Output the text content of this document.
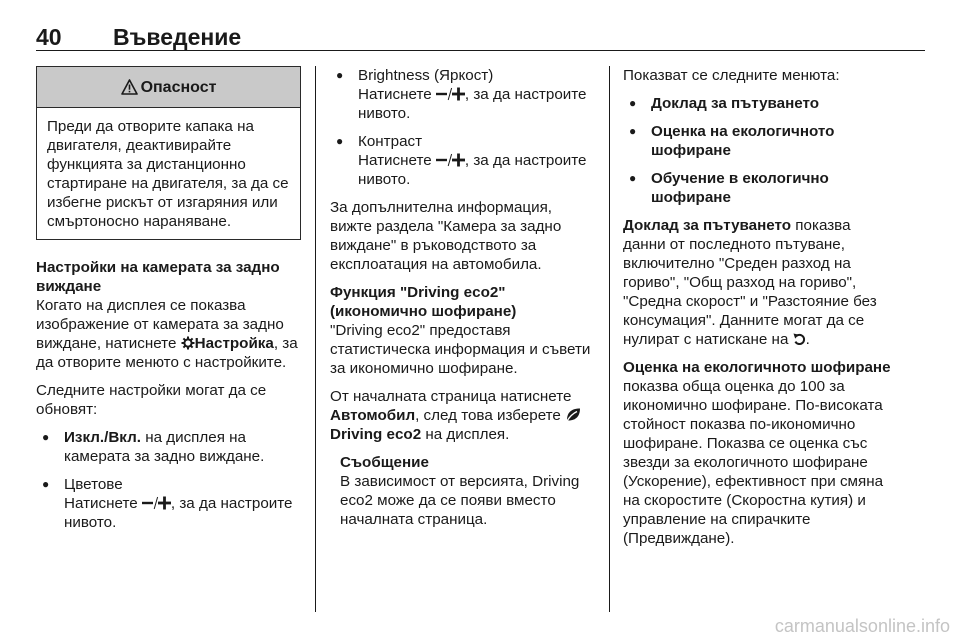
40 Въведение
Опасност
Преди да отворите капака на двигателя, деактивирайте функцията за дистанционно стартиране на двигателя, за да се избегне рискът от изгаряния или смъртоносно нараняване.

Настройки на камерата за задно виждане

Когато на дисплея се показва изображение от камерата за задно виждане, натиснете Настройка, за да отворите менюто с настройките.

Следните настройки могат да се обновят:

● Изкл./Вкл. на дисплея на камерата за задно виждане.
● Цветове
Натиснете , за да настроите нивото.
● Brightness (Яркост)
Натиснете , за да настроите нивото.
● Контраст
Натиснете , за да настроите нивото.

За допълнителна информация, вижте раздела "Камера за задно виждане" в ръководството за експлоатация на автомобила.

Функция "Driving eco2" (икономично шофиране)

"Driving eco2" предоставя статистическа информация и съвети за икономично шофиране.

От началната страница натиснете Автомобил, след това изберете Driving eco2 на дисплея.

Съобщение

В зависимост от версията, Driving eco2 може да се появи вместо началната страница.

Показват се следните менюта:

● Доклад за пътуването
● Оценка на екологичното шофиране
● Обучение в екологично шофиране

Доклад за пътуването показва данни от последното пътуване, включително "Среден разход на гориво", "Общ разход на гориво", "Средна скорост" и "Разстояние без консумация". Данните могат да се нулират с натискане на .

Оценка на екологичното шофиране показва обща оценка до 100 за икономично шофиране. По-високата стойност показва по-икономично шофиране. Показва се оценка със звезди за екологичното шофиране (Ускорение), ефективност при смяна на скоростите (Скоростна кутия) и управление на спирачките (Предвиждане).

carmanualsonline.info
